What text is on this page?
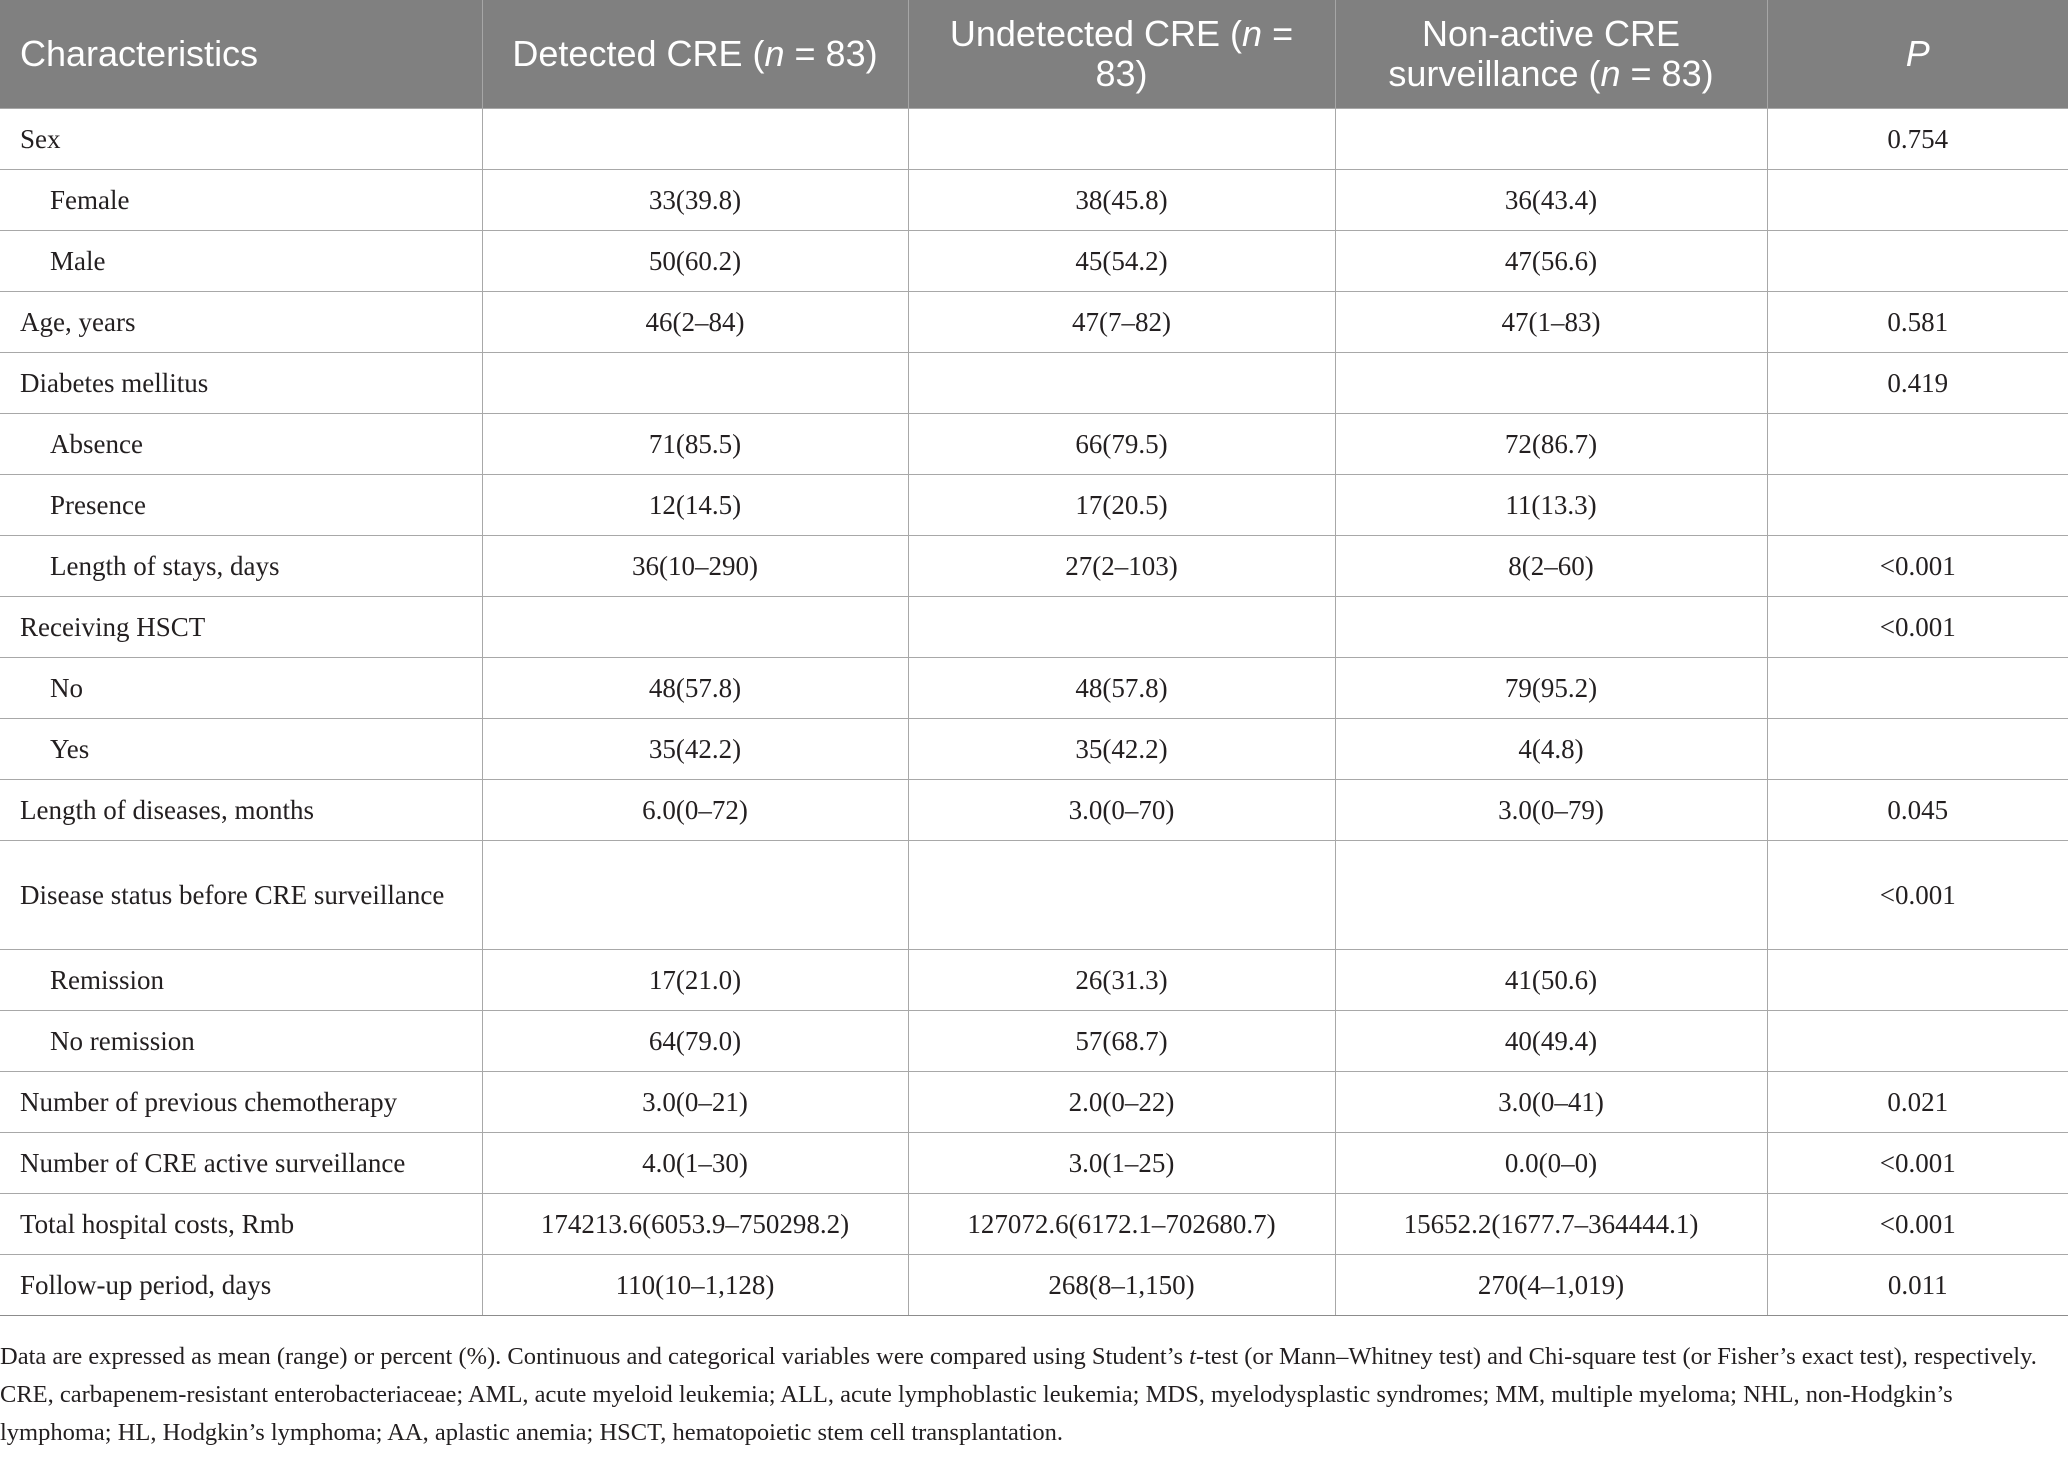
Characteristics	Detected CRE (n = 83)	Undetected CRE (n = 83)	Non-active CRE surveillance (n = 83)	P
Sex				0.754
Female	33(39.8)	38(45.8)	36(43.4)	
Male	50(60.2)	45(54.2)	47(56.6)	
Age, years	46(2–84)	47(7–82)	47(1–83)	0.581
Diabetes mellitus				0.419
Absence	71(85.5)	66(79.5)	72(86.7)	
Presence	12(14.5)	17(20.5)	11(13.3)	
Length of stays, days	36(10–290)	27(2–103)	8(2–60)	<0.001
Receiving HSCT				<0.001
No	48(57.8)	48(57.8)	79(95.2)	
Yes	35(42.2)	35(42.2)	4(4.8)	
Length of diseases, months	6.0(0–72)	3.0(0–70)	3.0(0–79)	0.045
Disease status before CRE surveillance				<0.001
Remission	17(21.0)	26(31.3)	41(50.6)	
No remission	64(79.0)	57(68.7)	40(49.4)	
Number of previous chemotherapy	3.0(0–21)	2.0(0–22)	3.0(0–41)	0.021
Number of CRE active surveillance	4.0(1–30)	3.0(1–25)	0.0(0–0)	<0.001
Total hospital costs, Rmb	174213.6(6053.9–750298.2)	127072.6(6172.1–702680.7)	15652.2(1677.7–364444.1)	<0.001
Follow-up period, days	110(10–1,128)	268(8–1,150)	270(4–1,019)	0.011
Data are expressed as mean (range) or percent (%). Continuous and categorical variables were compared using Student’s t-test (or Mann–Whitney test) and Chi-square test (or Fisher’s exact test), respectively. CRE, carbapenem-resistant enterobacteriaceae; AML, acute myeloid leukemia; ALL, acute lymphoblastic leukemia; MDS, myelodysplastic syndromes; MM, multiple myeloma; NHL, non-Hodgkin’s lymphoma; HL, Hodgkin’s lymphoma; AA, aplastic anemia; HSCT, hematopoietic stem cell transplantation.
